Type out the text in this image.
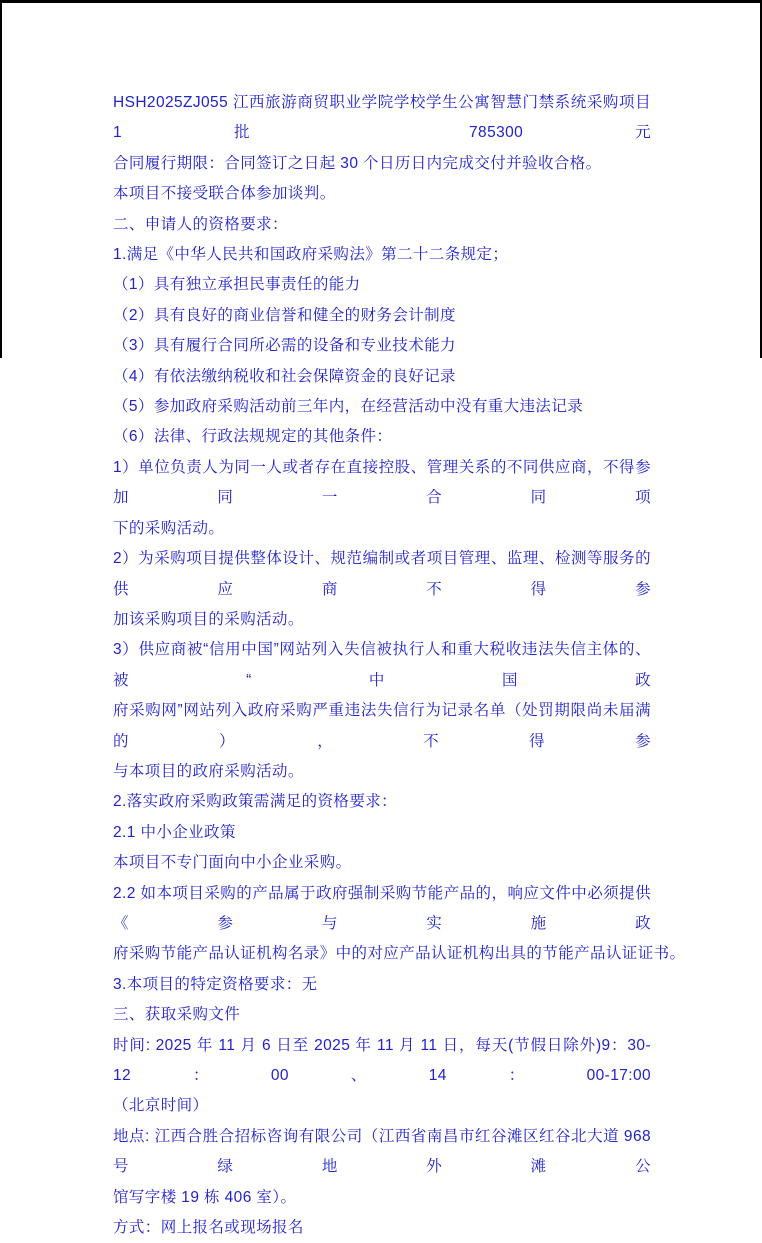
HSH2025ZJ055 江西旅游商贸职业学院学校学生公寓智慧门禁系统采购项目 1 批 785300 元
合同履行期限：合同签订之日起 30 个日历日内完成交付并验收合格。
本项目不接受联合体参加谈判。
二、申请人的资格要求：
1.满足《中华人民共和国政府采购法》第二十二条规定；
（1）具有独立承担民事责任的能力
（2）具有良好的商业信誉和健全的财务会计制度
（3）具有履行合同所必需的设备和专业技术能力
（4）有依法缴纳税收和社会保障资金的良好记录
（5）参加政府采购活动前三年内，在经营活动中没有重大违法记录
（6）法律、行政法规规定的其他条件：
1）单位负责人为同一人或者存在直接控股、管理关系的不同供应商，不得参加同一合同项
下的采购活动。
2）为采购项目提供整体设计、规范编制或者项目管理、监理、检测等服务的供应商不得参
加该采购项目的采购活动。
3）供应商被“信用中国”网站列入失信被执行人和重大税收违法失信主体的、被“中国政
府采购网”网站列入政府采购严重违法失信行为记录名单（处罚期限尚未届满的），不得参
与本项目的政府采购活动。
2.落实政府采购政策需满足的资格要求：
2.1 中小企业政策
本项目不专门面向中小企业采购。
2.2 如本项目采购的产品属于政府强制采购节能产品的，响应文件中必须提供《参与实施政
府采购节能产品认证机构名录》中的对应产品认证机构出具的节能产品认证证书。
3.本项目的特定资格要求：无
三、获取采购文件
时间: 2025 年 11 月 6 日至 2025 年 11 月 11 日，每天(节假日除外)9：30-12：00、14：00-17:00
（北京时间）
地点: 江西合胜合招标咨询有限公司（江西省南昌市红谷滩区红谷北大道 968 号绿地外滩公
馆写字楼 19 栋 406 室）。
方式：网上报名或现场报名
